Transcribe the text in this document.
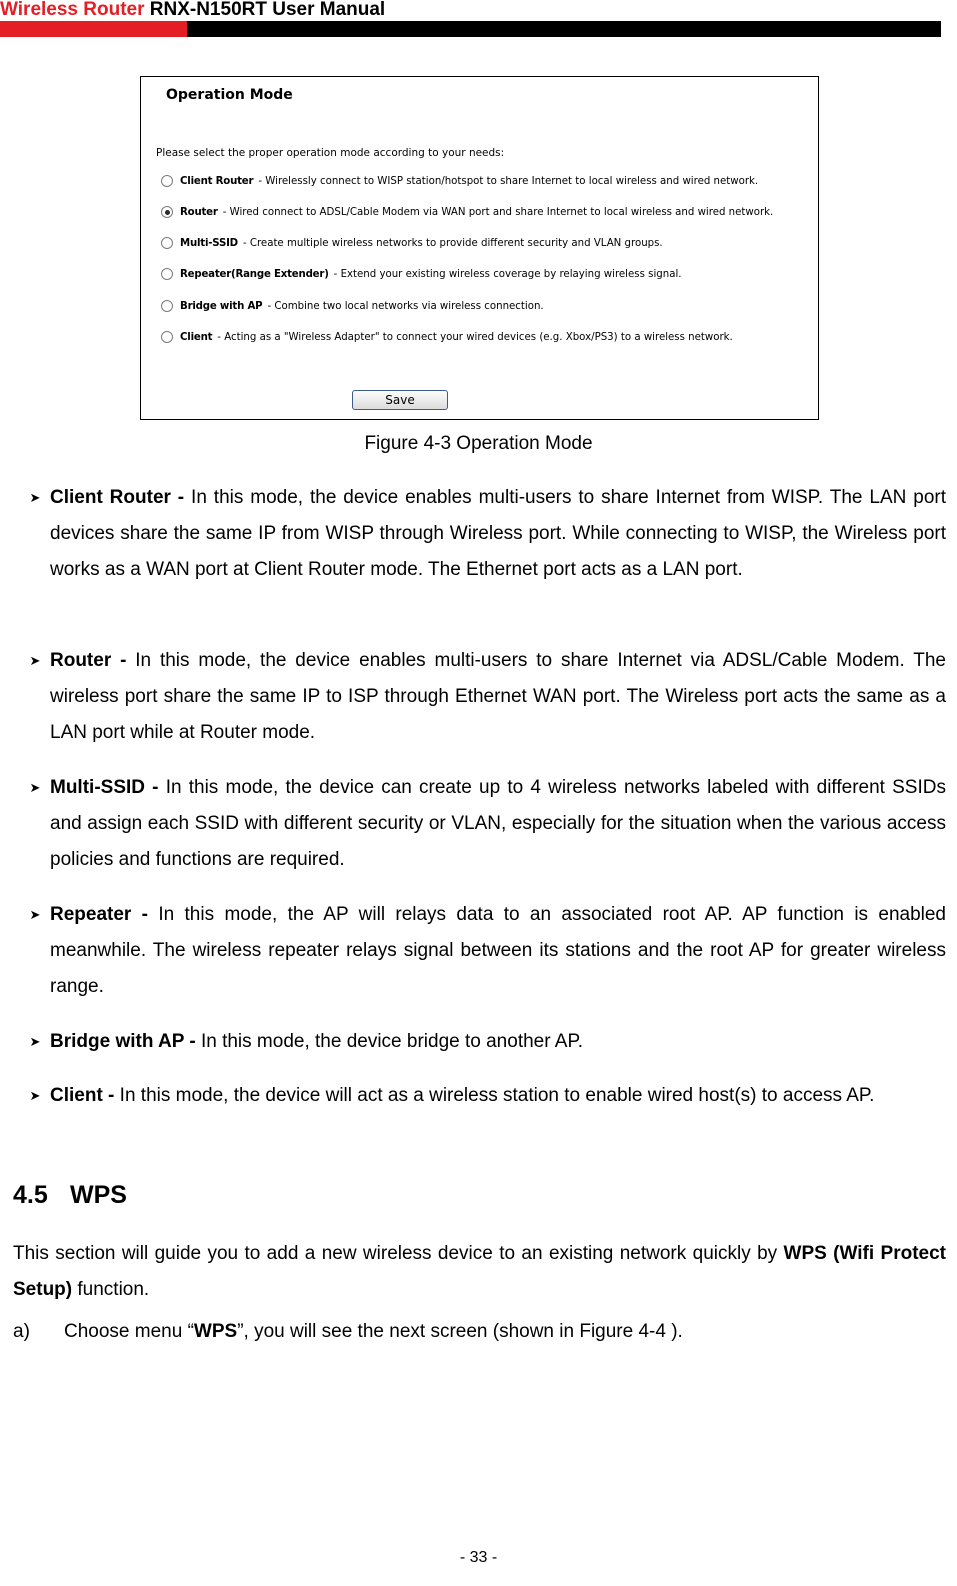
Wireless Router RNX-N150RT User Manual
Operation Mode
Please select the proper operation mode according to your needs:
Client Router - Wirelessly connect to WISP station/hotspot to share Internet to local wireless and wired network.
Router - Wired connect to ADSL/Cable Modem via WAN port and share Internet to local wireless and wired network.
Multi-SSID - Create multiple wireless networks to provide different security and VLAN groups.
Repeater(Range Extender) - Extend your existing wireless coverage by relaying wireless signal.
Bridge with AP - Combine two local networks via wireless connection.
Client - Acting as a "Wireless Adapter" to connect your wired devices (e.g. Xbox/PS3) to a wireless network.
Save
Figure 4-3 Operation Mode
➤ Client Router - In this mode, the device enables multi-users to share Internet from WISP. The LAN port devices share the same IP from WISP through Wireless port. While connecting to WISP, the Wireless port works as a WAN port at Client Router mode. The Ethernet port acts as a LAN port.
➤ Router - In this mode, the device enables multi-users to share Internet via ADSL/Cable Modem. The wireless port share the same IP to ISP through Ethernet WAN port. The Wireless port acts the same as a LAN port while at Router mode.
➤ Multi-SSID - In this mode, the device can create up to 4 wireless networks labeled with different SSIDs and assign each SSID with different security or VLAN, especially for the situation when the various access policies and functions are required.
➤ Repeater - In this mode, the AP will relays data to an associated root AP. AP function is enabled meanwhile. The wireless repeater relays signal between its stations and the root AP for greater wireless range.
➤ Bridge with AP - In this mode, the device bridge to another AP.
➤ Client - In this mode, the device will act as a wireless station to enable wired host(s) to access AP.
4.5 WPS
This section will guide you to add a new wireless device to an existing network quickly by WPS (Wifi Protect Setup) function.
a) Choose menu “WPS”, you will see the next screen (shown in Figure 4-4 ).
- 33 -
